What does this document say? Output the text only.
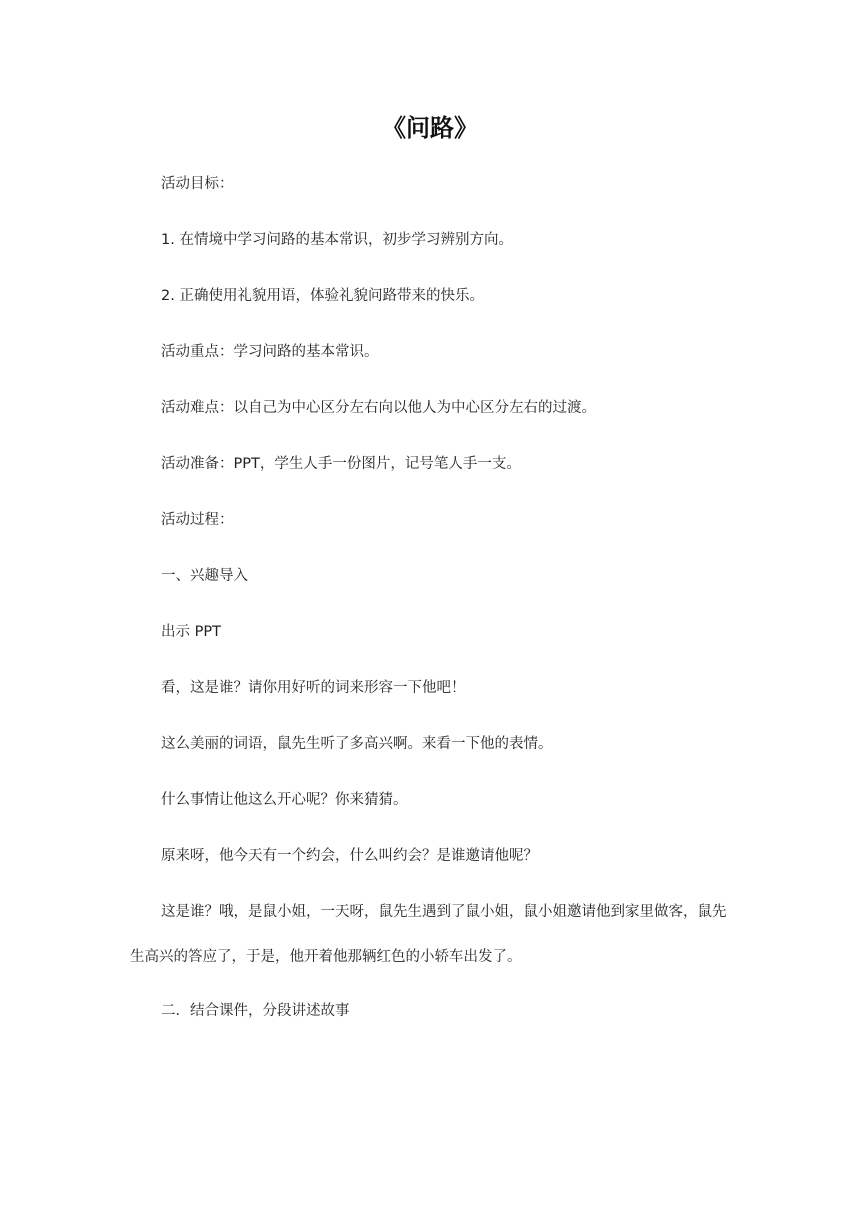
《问路》

活动目标：

1. 在情境中学习问路的基本常识，初步学习辨别方向。

2. 正确使用礼貌用语，体验礼貌问路带来的快乐。

活动重点：学习问路的基本常识。

活动难点：以自己为中心区分左右向以他人为中心区分左右的过渡。

活动准备：PPT，学生人手一份图片，记号笔人手一支。

活动过程：

一、兴趣导入

出示 PPT

看，这是谁？请你用好听的词来形容一下他吧！

这么美丽的词语，鼠先生听了多高兴啊。来看一下他的表情。

什么事情让他这么开心呢？你来猜猜。

原来呀，他今天有一个约会，什么叫约会？是谁邀请他呢？

这是谁？哦，是鼠小姐，一天呀，鼠先生遇到了鼠小姐，鼠小姐邀请他到家里做客，鼠先生高兴的答应了，于是，他开着他那辆红色的小轿车出发了。

二．结合课件，分段讲述故事
